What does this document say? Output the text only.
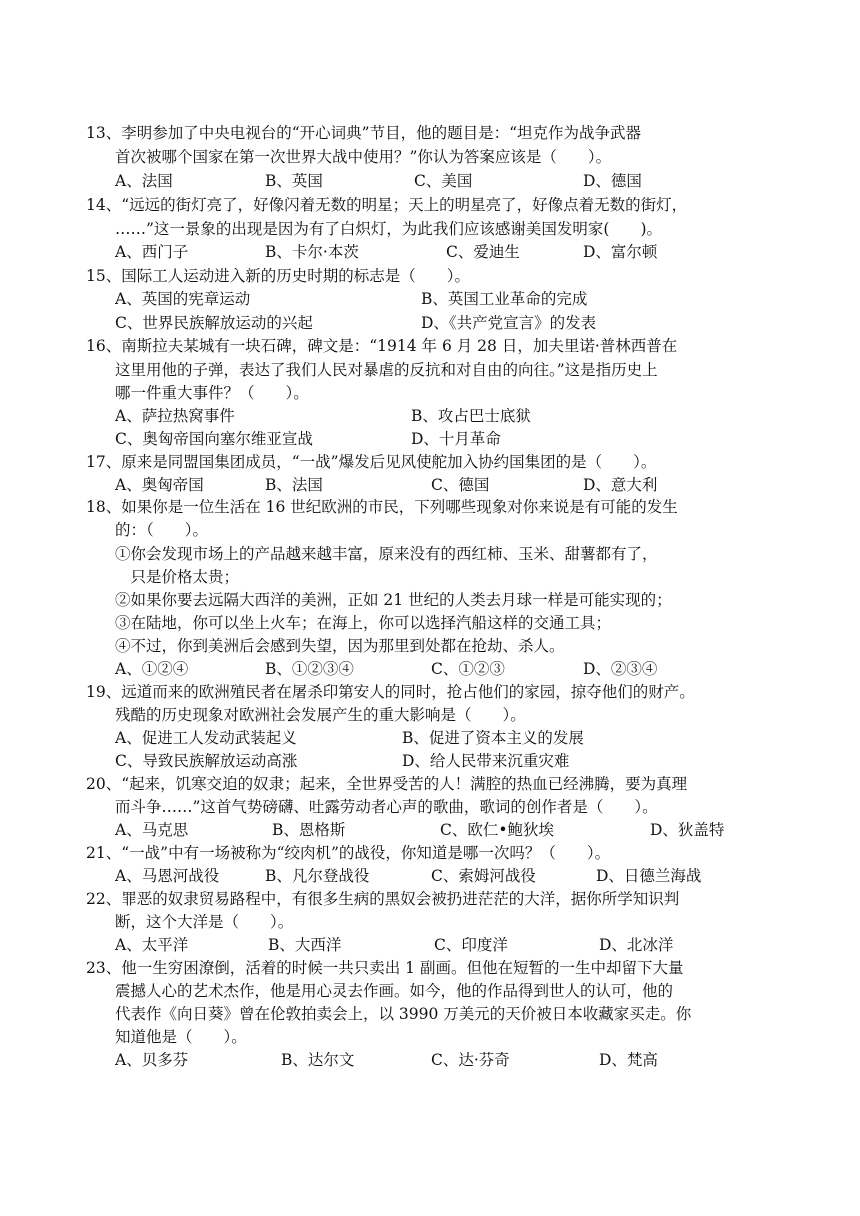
13、李明参加了中央电视台的“开心词典”节目，他的题目是：“坦克作为战争武器
首次被哪个国家在第一次世界大战中使用？”你认为答案应该是（　　）。
A、法国	B、英国	C、美国	D、德国
14、“远远的街灯亮了，好像闪着无数的明星；天上的明星亮了，好像点着无数的街灯，
……”这一景象的出现是因为有了白炽灯，为此我们应该感谢美国发明家(　　)。
A、西门子	B、卡尔·本茨	C、爱迪生	D、富尔顿
15、国际工人运动进入新的历史时期的标志是（　　）。
A、英国的宪章运动	B、英国工业革命的完成
C、世界民族解放运动的兴起	D、《共产党宣言》的发表
16、南斯拉夫某城有一块石碑，碑文是：“1914 年 6 月 28 日，加夫里诺·普林西普在
这里用他的子弹，表达了我们人民对暴虐的反抗和对自由的向往。”这是指历史上
哪一件重大事件？（　　）。
A、萨拉热窝事件	B、攻占巴士底狱
C、奥匈帝国向塞尔维亚宣战	D、十月革命
17、原来是同盟国集团成员，“一战”爆发后见风使舵加入协约国集团的是（　　）。
A、奥匈帝国	B、法国	C、德国	D、意大利
18、如果你是一位生活在 16 世纪欧洲的市民，下列哪些现象对你来说是有可能的发生
的：（　　）。
①你会发现市场上的产品越来越丰富，原来没有的西红柿、玉米、甜薯都有了，
　只是价格太贵；
②如果你要去远隔大西洋的美洲，正如 21 世纪的人类去月球一样是可能实现的；
③在陆地，你可以坐上火车；在海上，你可以选择汽船这样的交通工具；
④不过，你到美洲后会感到失望，因为那里到处都在抢劫、杀人。
A、①②④	B、①②③④	C、①②③	D、②③④
19、远道而来的欧洲殖民者在屠杀印第安人的同时，抢占他们的家园，掠夺他们的财产。
残酷的历史现象对欧洲社会发展产生的重大影响是（　　）。
A、促进工人发动武装起义	B、促进了资本主义的发展
C、导致民族解放运动高涨	D、给人民带来沉重灾难
20、“起来，饥寒交迫的奴隶；起来，全世界受苦的人！满腔的热血已经沸腾，要为真理
而斗争……”这首气势磅礴、吐露劳动者心声的歌曲，歌词的创作者是（　　）。
A、马克思	B、恩格斯	C、欧仁•鲍狄埃	D、狄盖特
21、“一战”中有一场被称为“绞肉机”的战役，你知道是哪一次吗？（　　）。
A、马恩河战役	B、凡尔登战役	C、索姆河战役	D、日德兰海战
22、罪恶的奴隶贸易路程中，有很多生病的黑奴会被扔进茫茫的大洋，据你所学知识判
断，这个大洋是（　　）。
A、太平洋	B、大西洋	C、印度洋	D、北冰洋
23、他一生穷困潦倒，活着的时候一共只卖出 1 副画。但他在短暂的一生中却留下大量
震撼人心的艺术杰作，他是用心灵去作画。如今，他的作品得到世人的认可，他的
代表作《向日葵》曾在伦敦拍卖会上，以 3990 万美元的天价被日本收藏家买走。你
知道他是（　　）。
A、贝多芬	B、达尔文	C、达·芬奇	D、梵高
